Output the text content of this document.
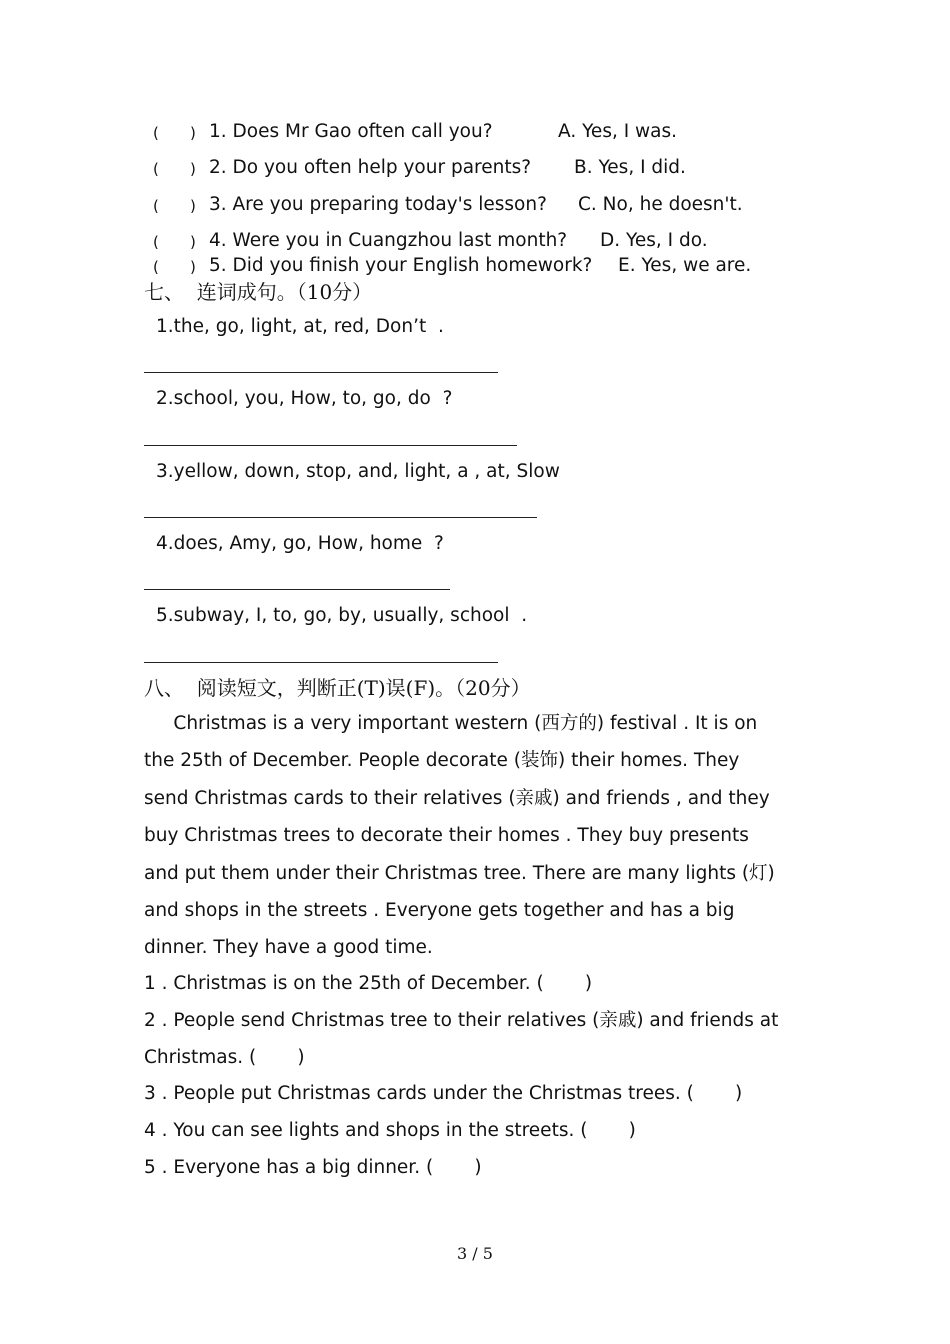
( ) 1. Does Mr Gao often call you?	A. Yes, I was.
( ) 2. Do you often help your parents? B. Yes, I did.
( ) 3. Are you preparing today's lesson? C. No, he doesn't.
( ) 4. Were you in Cuangzhou last month? D. Yes, I do.
( ) 5. Did you finish your English homework? E. Yes, we are.
七、  连词成句。（10分）
1.the, go, light, at, red, Don’t  .
2.school, you, How, to, go, do  ?
3.yellow, down, stop, and, light, a , at, Slow
4.does, Amy, go, How, home  ?
5.subway, I, to, go, by, usually, school  .
八、  阅读短文，判断正(T)误(F)。（20分）
Christmas is a very important western (西方的) festival . It is on
the 25th of December. People decorate (装饰) their homes. They
send Christmas cards to their relatives (亲戚) and friends , and they
buy Christmas trees to decorate their homes . They buy presents
and put them under their Christmas tree. There are many lights (灯)
and shops in the streets . Everyone gets together and has a big
dinner. They have a good time.
1 . Christmas is on the 25th of December. (       )
2 . People send Christmas tree to their relatives (亲戚) and friends at
Christmas. (       )
3 . People put Christmas cards under the Christmas trees. (       )
4 . You can see lights and shops in the streets. (       )
5 . Everyone has a big dinner. (       )
3 / 5
